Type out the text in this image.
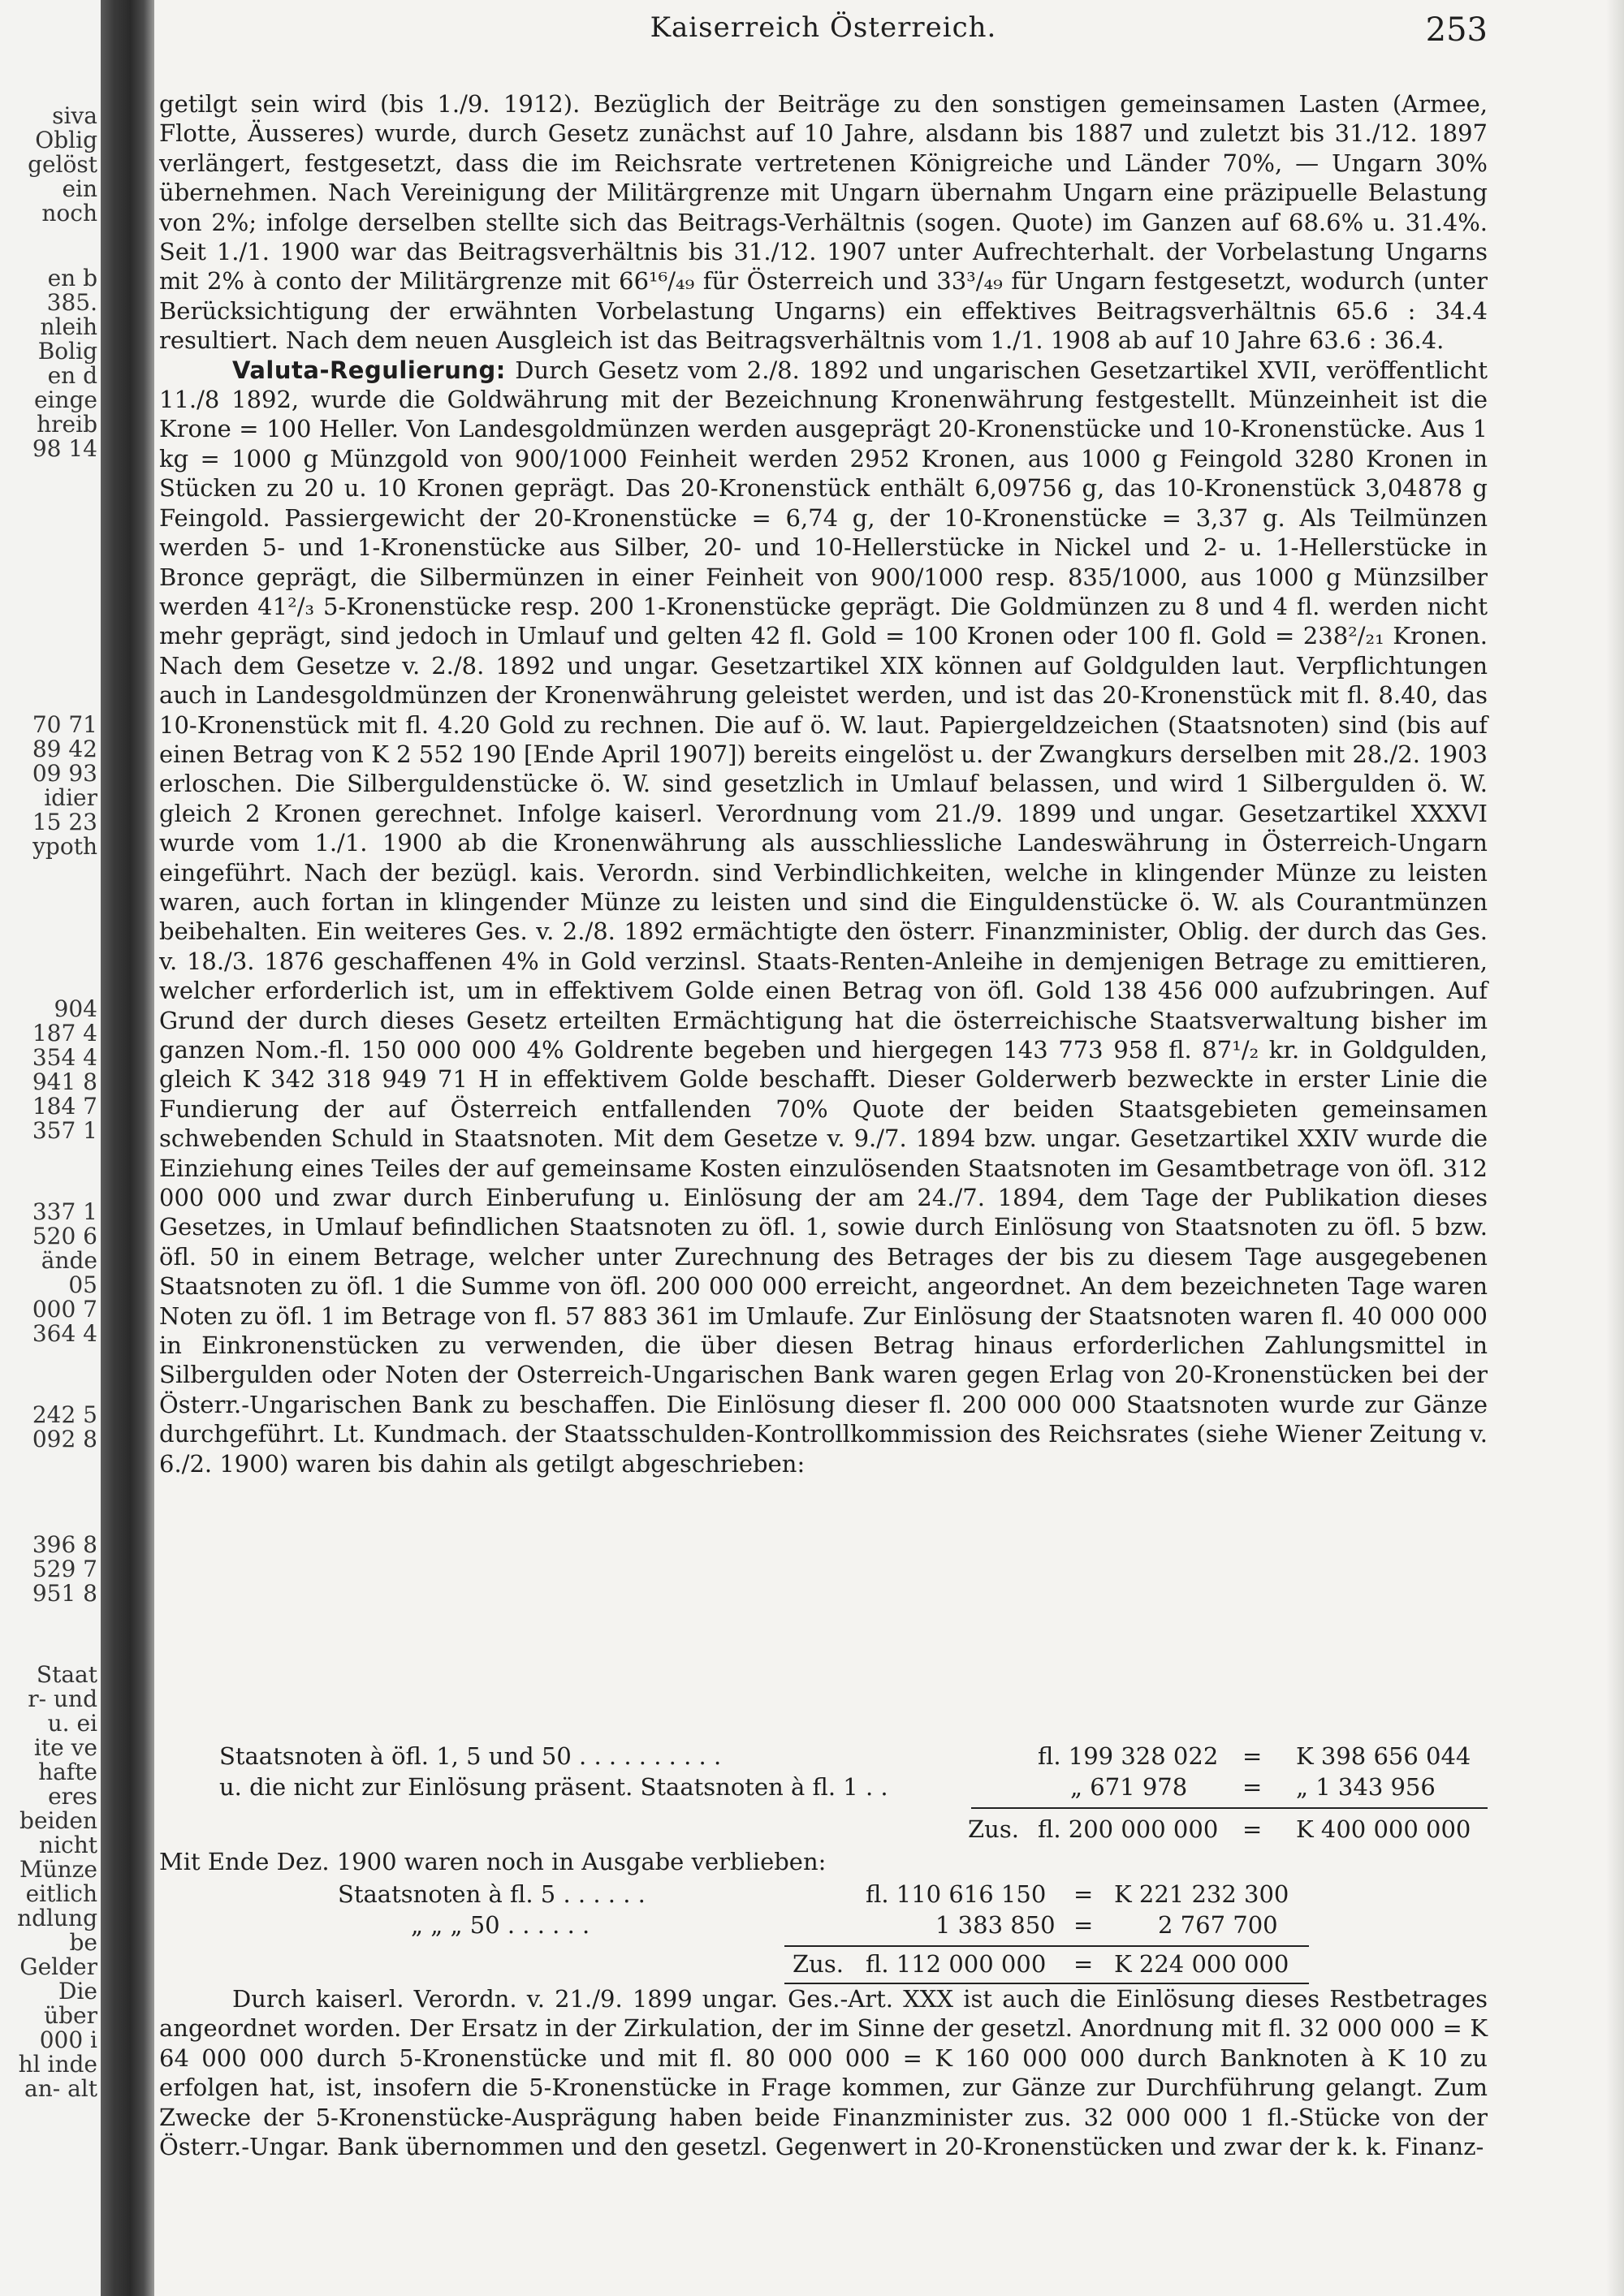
siva
Oblig
gelöst
ein
noch
en b
385.
nleih
Bolig
en d
einge
hreib
98 14
70 71
89 42
09 93
idier
15 23
ypoth
904
187 4
354 4
941 8
184 7
357 1
337 1
520 6
ände
05
000 7
364 4
242 5
092 8
396 8
529 7
951 8
Staat
r- und
u. ei
ite ve
hafte
eres
beiden
nicht
Münze
eitlich
ndlung
be
Gelder
Die
über
000 i
hl inde
an- alt
Kaiserreich Österreich.	253

getilgt sein wird (bis 1./9. 1912). Bezüglich der Beiträge zu den sonstigen gemeinsamen Lasten (Armee, Flotte, Äusseres) wurde, durch Gesetz zunächst auf 10 Jahre, alsdann bis 1887 und zuletzt bis 31./12. 1897 verlängert, festgesetzt, dass die im Reichsrate vertretenen Königreiche und Länder 70%, — Ungarn 30% übernehmen. Nach Vereinigung der Militärgrenze mit Ungarn übernahm Ungarn eine präzipuelle Belastung von 2%; infolge derselben stellte sich das Beitrags-Verhältnis (sogen. Quote) im Ganzen auf 68.6% u. 31.4%. Seit 1./1. 1900 war das Beitragsverhältnis bis 31./12. 1907 unter Aufrechterhalt. der Vorbelastung Ungarns mit 2% à conto der Militärgrenze mit 66¹⁶/₄₉ für Österreich und 33³/₄₉ für Ungarn festgesetzt, wodurch (unter Berücksichtigung der erwähnten Vorbelastung Ungarns) ein effektives Beitragsverhältnis 65.6 : 34.4 resultiert. Nach dem neuen Ausgleich ist das Beitragsverhältnis vom 1./1. 1908 ab auf 10 Jahre 63.6 : 36.4.

Valuta-Regulierung: Durch Gesetz vom 2./8. 1892 und ungarischen Gesetzartikel XVII, veröffentlicht 11./8 1892, wurde die Goldwährung mit der Bezeichnung Kronenwährung festgestellt. Münzeinheit ist die Krone = 100 Heller. Von Landesgoldmünzen werden ausgeprägt 20-Kronenstücke und 10-Kronenstücke. Aus 1 kg = 1000 g Münzgold von 900/1000 Feinheit werden 2952 Kronen, aus 1000 g Feingold 3280 Kronen in Stücken zu 20 u. 10 Kronen geprägt. Das 20-Kronenstück enthält 6,09756 g, das 10-Kronenstück 3,04878 g Feingold. Passiergewicht der 20-Kronenstücke = 6,74 g, der 10-Kronenstücke = 3,37 g. Als Teilmünzen werden 5- und 1-Kronenstücke aus Silber, 20- und 10-Hellerstücke in Nickel und 2- u. 1-Hellerstücke in Bronce geprägt, die Silbermünzen in einer Feinheit von 900/1000 resp. 835/1000, aus 1000 g Münzsilber werden 41²/₃ 5-Kronenstücke resp. 200 1-Kronenstücke geprägt. Die Goldmünzen zu 8 und 4 fl. werden nicht mehr geprägt, sind jedoch in Umlauf und gelten 42 fl. Gold = 100 Kronen oder 100 fl. Gold = 238²/₂₁ Kronen. Nach dem Gesetze v. 2./8. 1892 und ungar. Gesetzartikel XIX können auf Goldgulden laut. Verpflichtungen auch in Landesgoldmünzen der Kronenwährung geleistet werden, und ist das 20-Kronenstück mit fl. 8.40, das 10-Kronenstück mit fl. 4.20 Gold zu rechnen. Die auf ö. W. laut. Papiergeldzeichen (Staatsnoten) sind (bis auf einen Betrag von K 2 552 190 [Ende April 1907]) bereits eingelöst u. der Zwangkurs derselben mit 28./2. 1903 erloschen. Die Silberguldenstücke ö. W. sind gesetzlich in Umlauf belassen, und wird 1 Silbergulden ö. W. gleich 2 Kronen gerechnet. Infolge kaiserl. Verordnung vom 21./9. 1899 und ungar. Gesetzartikel XXXVI wurde vom 1./1. 1900 ab die Kronenwährung als ausschliessliche Landeswährung in Österreich-Ungarn eingeführt. Nach der bezügl. kais. Verordn. sind Verbindlichkeiten, welche in klingender Münze zu leisten waren, auch fortan in klingender Münze zu leisten und sind die Einguldenstücke ö. W. als Courantmünzen beibehalten. Ein weiteres Ges. v. 2./8. 1892 ermächtigte den österr. Finanzminister, Oblig. der durch das Ges. v. 18./3. 1876 geschaffenen 4% in Gold verzinsl. Staats-Renten-Anleihe in demjenigen Betrage zu emittieren, welcher erforderlich ist, um in effektivem Golde einen Betrag von öfl. Gold 138 456 000 aufzubringen. Auf Grund der durch dieses Gesetz erteilten Ermächtigung hat die österreichische Staatsverwaltung bisher im ganzen Nom.-fl. 150 000 000 4% Goldrente begeben und hiergegen 143 773 958 fl. 87¹/₂ kr. in Goldgulden, gleich K 342 318 949 71 H in effektivem Golde beschafft. Dieser Golderwerb bezweckte in erster Linie die Fundierung der auf Österreich entfallenden 70% Quote der beiden Staatsgebieten gemeinsamen schwebenden Schuld in Staatsnoten. Mit dem Gesetze v. 9./7. 1894 bzw. ungar. Gesetzartikel XXIV wurde die Einziehung eines Teiles der auf gemeinsame Kosten einzulösenden Staatsnoten im Gesamtbetrage von öfl. 312 000 000 und zwar durch Einberufung u. Einlösung der am 24./7. 1894, dem Tage der Publikation dieses Gesetzes, in Umlauf befindlichen Staatsnoten zu öfl. 1, sowie durch Einlösung von Staatsnoten zu öfl. 5 bzw. öfl. 50 in einem Betrage, welcher unter Zurechnung des Betrages der bis zu diesem Tage ausgegebenen Staatsnoten zu öfl. 1 die Summe von öfl. 200 000 000 erreicht, angeordnet. An dem bezeichneten Tage waren Noten zu öfl. 1 im Betrage von fl. 57 883 361 im Umlaufe. Zur Einlösung der Staatsnoten waren fl. 40 000 000 in Einkronenstücken zu verwenden, die über diesen Betrag hinaus erforderlichen Zahlungsmittel in Silbergulden oder Noten der Osterreich-Ungarischen Bank waren gegen Erlag von 20-Kronenstücken bei der Österr.-Ungarischen Bank zu beschaffen. Die Einlösung dieser fl. 200 000 000 Staatsnoten wurde zur Gänze durchgeführt. Lt. Kundmach. der Staatsschulden-Kontrollkommission des Reichsrates (siehe Wiener Zeitung v. 6./2. 1900) waren bis dahin als getilgt abgeschrieben:

Staatsnoten à öfl. 1, 5 und 50 . . . . . . . . . .	fl. 199 328 022 = K 398 656 044
u. die nicht zur Einlösung präsent. Staatsnoten à fl. 1 . .	„ 671 978 = „ 1 343 956
Zus. fl. 200 000 000 = K 400 000 000
Mit Ende Dez. 1900 waren noch in Ausgabe verblieben:
Staatsnoten à fl. 5 . . . . . .	fl. 110 616 150 = K 221 232 300
„ „ „ 50 . . . . . .	1 383 850 =	2 767 700
Zus. fl. 112 000 000 = K 224 000 000

Durch kaiserl. Verordn. v. 21./9. 1899 ungar. Ges.-Art. XXX ist auch die Einlösung dieses Restbetrages angeordnet worden. Der Ersatz in der Zirkulation, der im Sinne der gesetzl. Anordnung mit fl. 32 000 000 = K 64 000 000 durch 5-Kronenstücke und mit fl. 80 000 000 = K 160 000 000 durch Banknoten à K 10 zu erfolgen hat, ist, insofern die 5-Kronenstücke in Frage kommen, zur Gänze zur Durchführung gelangt. Zum Zwecke der 5-Kronenstücke-Ausprägung haben beide Finanzminister zus. 32 000 000 1 fl.-Stücke von der Österr.-Ungar. Bank übernommen und den gesetzl. Gegenwert in 20-Kronenstücken und zwar der k. k. Finanz-
